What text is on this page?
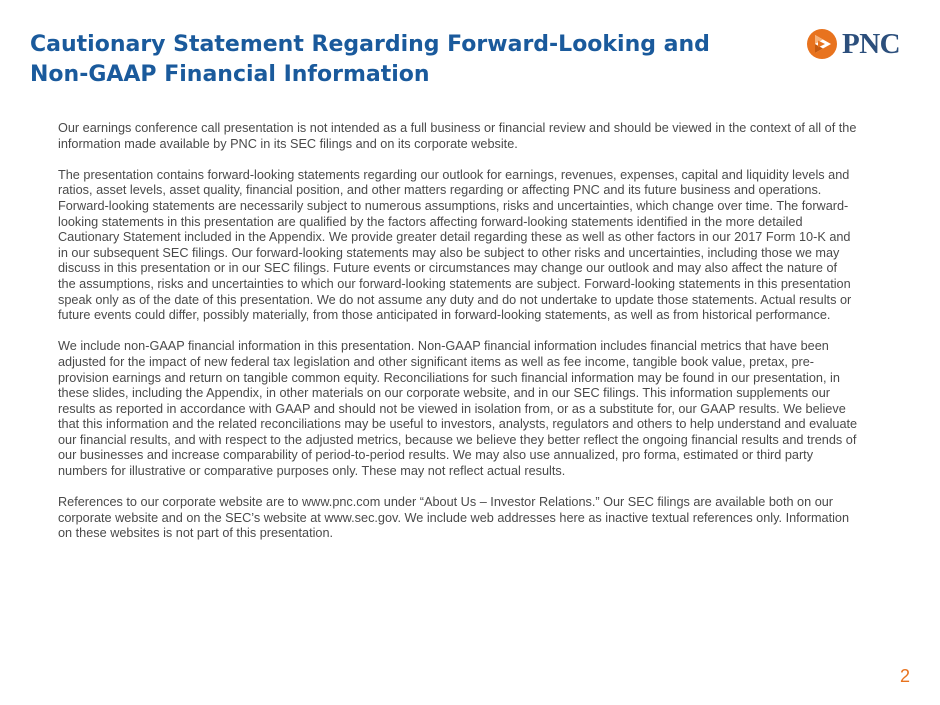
Cautionary Statement Regarding Forward-Looking and
Non-GAAP Financial Information
PNC

Our earnings conference call presentation is not intended as a full business or financial review and should be viewed in the context of all of the information made available by PNC in its SEC filings and on its corporate website.

The presentation contains forward-looking statements regarding our outlook for earnings, revenues, expenses, capital and liquidity levels and ratios, asset levels, asset quality, financial position, and other matters regarding or affecting PNC and its future business and operations. Forward-looking statements are necessarily subject to numerous assumptions, risks and uncertainties, which change over time. The forward-looking statements in this presentation are qualified by the factors affecting forward-looking statements identified in the more detailed Cautionary Statement included in the Appendix. We provide greater detail regarding these as well as other factors in our 2017 Form 10-K and in our subsequent SEC filings. Our forward-looking statements may also be subject to other risks and uncertainties, including those we may discuss in this presentation or in our SEC filings. Future events or circumstances may change our outlook and may also affect the nature of the assumptions, risks and uncertainties to which our forward-looking statements are subject. Forward-looking statements in this presentation speak only as of the date of this presentation. We do not assume any duty and do not undertake to update those statements. Actual results or future events could differ, possibly materially, from those anticipated in forward-looking statements, as well as from historical performance.

We include non-GAAP financial information in this presentation. Non-GAAP financial information includes financial metrics that have been adjusted for the impact of new federal tax legislation and other significant items as well as fee income, tangible book value, pretax, pre-provision earnings and return on tangible common equity. Reconciliations for such financial information may be found in our presentation, in these slides, including the Appendix, in other materials on our corporate website, and in our SEC filings. This information supplements our results as reported in accordance with GAAP and should not be viewed in isolation from, or as a substitute for, our GAAP results. We believe that this information and the related reconciliations may be useful to investors, analysts, regulators and others to help understand and evaluate our financial results, and with respect to the adjusted metrics, because we believe they better reflect the ongoing financial results and trends of our businesses and increase comparability of period-to-period results. We may also use annualized, pro forma, estimated or third party numbers for illustrative or comparative purposes only. These may not reflect actual results.

References to our corporate website are to www.pnc.com under “About Us – Investor Relations.” Our SEC filings are available both on our corporate website and on the SEC’s website at www.sec.gov. We include web addresses here as inactive textual references only. Information on these websites is not part of this presentation.

2
